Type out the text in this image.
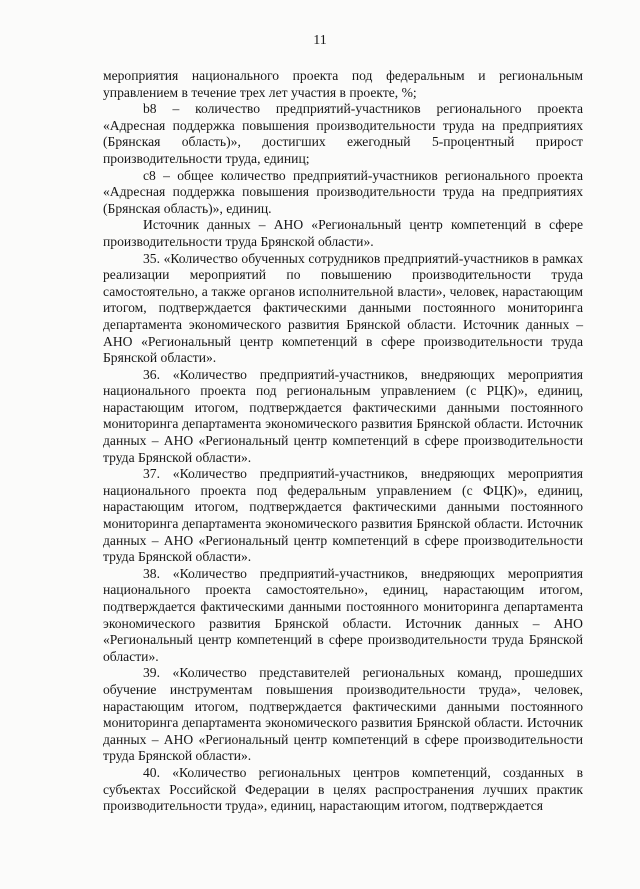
11

мероприятия национального проекта под федеральным и региональным управлением в течение трех лет участия в проекте, %;

b8 – количество предприятий-участников регионального проекта «Адресная поддержка повышения производительности труда на предприятиях (Брянская область)», достигших ежегодный 5-процентный прирост производительности труда, единиц;

с8 – общее количество предприятий-участников регионального проекта «Адресная поддержка повышения производительности труда на предприятиях (Брянская область)», единиц.

Источник данных – АНО «Региональный центр компетенций в сфере производительности труда Брянской области».

35. «Количество обученных сотрудников предприятий-участников в рамках реализации мероприятий по повышению производительности труда самостоятельно, а также органов исполнительной власти», человек, нарастающим итогом, подтверждается фактическими данными постоянного мониторинга департамента экономического развития Брянской области. Источник данных – АНО «Региональный центр компетенций в сфере производительности труда Брянской области».

36. «Количество предприятий-участников, внедряющих мероприятия национального проекта под региональным управлением (с РЦК)», единиц, нарастающим итогом, подтверждается фактическими данными постоянного мониторинга департамента экономического развития Брянской области. Источник данных – АНО «Региональный центр компетенций в сфере производительности труда Брянской области».

37. «Количество предприятий-участников, внедряющих мероприятия национального проекта под федеральным управлением (с ФЦК)», единиц, нарастающим итогом, подтверждается фактическими данными постоянного мониторинга департамента экономического развития Брянской области. Источник данных – АНО «Региональный центр компетенций в сфере производительности труда Брянской области».

38. «Количество предприятий-участников, внедряющих мероприятия национального проекта самостоятельно», единиц, нарастающим итогом, подтверждается фактическими данными постоянного мониторинга департамента экономического развития Брянской области. Источник данных – АНО «Региональный центр компетенций в сфере производительности труда Брянской области».

39. «Количество представителей региональных команд, прошедших обучение инструментам повышения производительности труда», человек, нарастающим итогом, подтверждается фактическими данными постоянного мониторинга департамента экономического развития Брянской области. Источник данных – АНО «Региональный центр компетенций в сфере производительности труда Брянской области».

40. «Количество региональных центров компетенций, созданных в субъектах Российской Федерации в целях распространения лучших практик производительности труда», единиц, нарастающим итогом, подтверждается
